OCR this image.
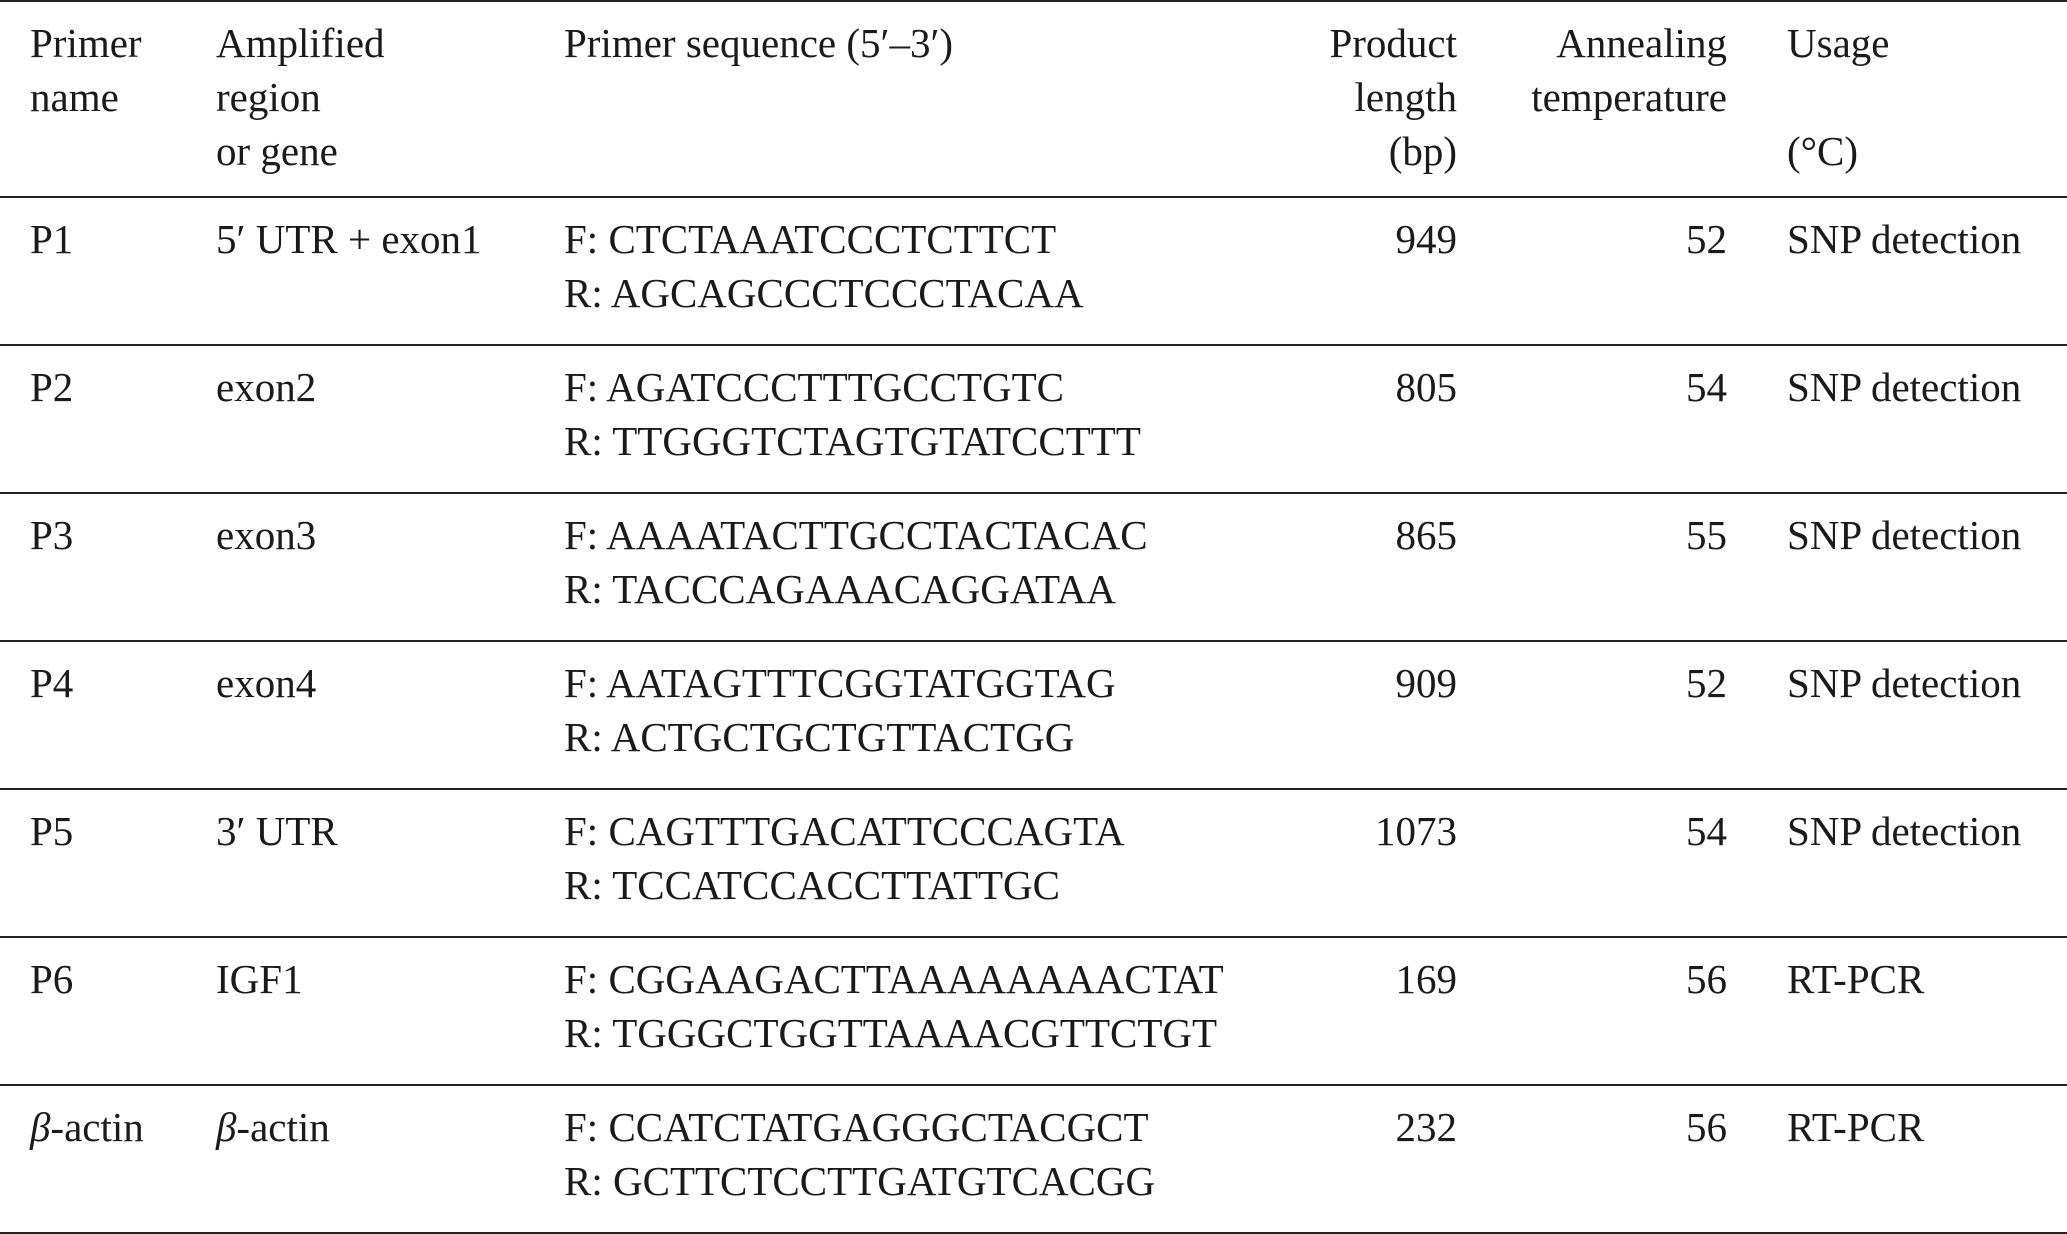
Primer
name	Amplified
region
or gene	Primer sequence (5′–3′)	Product
length
(bp)	Annealing
temperature	Usage

(°C)

P1	5′ UTR + exon1	F: CTCTAAATCCCTCTTCT
R: AGCAGCCCTCCCTACAA	949	52	SNP detection

P2	exon2	F: AGATCCCTTTGCCTGTC
R: TTGGGTCTAGTGTATCCTTT	805	54	SNP detection

P3	exon3	F: AAAATACTTGCCTACTACAC
R: TACCCAGAAACAGGATAA	865	55	SNP detection

P4	exon4	F: AATAGTTTCGGTATGGTAG
R: ACTGCTGCTGTTACTGG	909	52	SNP detection

P5	3′ UTR	F: CAGTTTGACATTCCCAGTA
R: TCCATCCACCTTATTGC	1073	54	SNP detection

P6	IGF1	F: CGGAAGACTTAAAAAAAACTAT
R: TGGGCTGGTTAAAACGTTCTGT	169	56	RT-PCR

β-actin	β-actin	F: CCATCTATGAGGGCTACGCT
R: GCTTCTCCTTGATGTCACGG	232	56	RT-PCR
